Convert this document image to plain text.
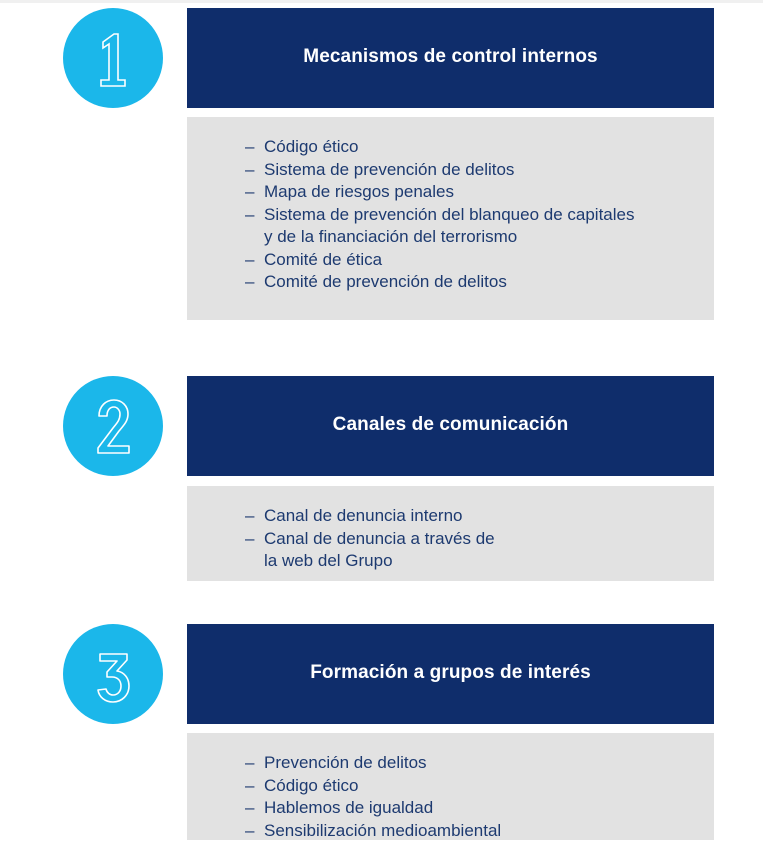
Mecanismos de control internos
– Código ético
– Sistema de prevención de delitos
– Mapa de riesgos penales
– Sistema de prevención del blanqueo de capitales y de la financiación del terrorismo
– Comité de ética
– Comité de prevención de delitos
Canales de comunicación
– Canal de denuncia interno
– Canal de denuncia a través de la web del Grupo
Formación a grupos de interés
– Prevención de delitos
– Código ético
– Hablemos de igualdad
– Sensibilización medioambiental
